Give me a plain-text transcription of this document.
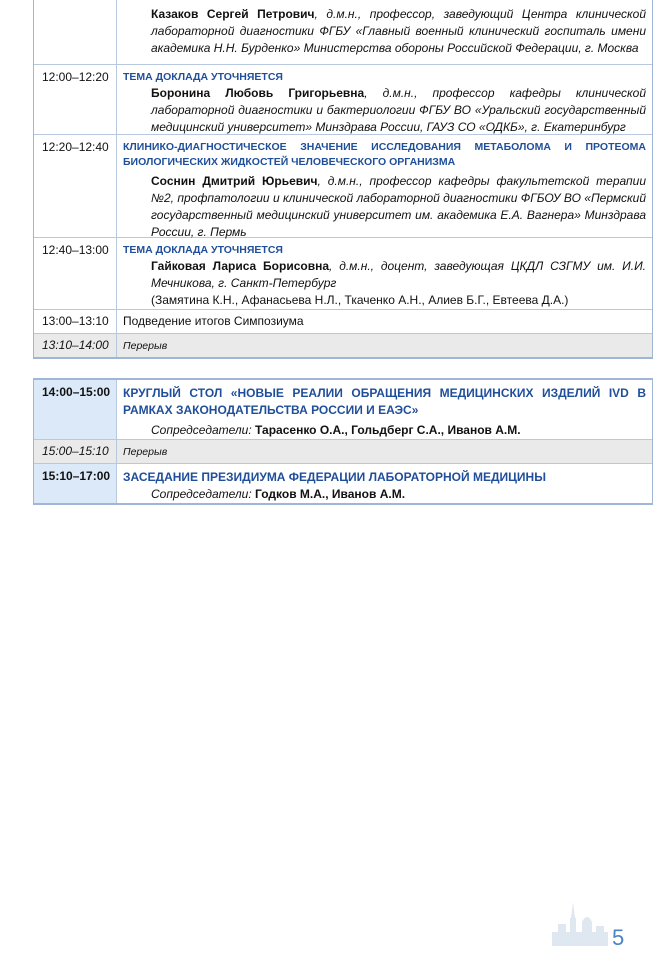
Казаков Сергей Петрович, д.м.н., профессор, заведующий Центра клинической лабораторной диагностики ФГБУ «Главный военный клинический госпиталь имени академика Н.Н. Бурденко» Министерства обороны Российской Федерации, г. Москва
12:00–12:20	ТЕМА ДОКЛАДА УТОЧНЯЕТСЯ
Боронина Любовь Григорьевна, д.м.н., профессор кафедры клинической лабораторной диагностики и бактериологии ФГБУ ВО «Уральский государственный медицинский университет» Минздрава России, ГАУЗ СО «ОДКБ», г. Екатеринбург
12:20–12:40	КЛИНИКО-ДИАГНОСТИЧЕСКОЕ ЗНАЧЕНИЕ ИССЛЕДОВАНИЯ МЕТАБОЛОМА И ПРОТЕОМА БИОЛОГИЧЕСКИХ ЖИДКОСТЕЙ ЧЕЛОВЕЧЕСКОГО ОРГАНИЗМА
Соснин Дмитрий Юрьевич, д.м.н., профессор кафедры факультетской терапии №2, профпатологии и клинической лабораторной диагностики ФГБОУ ВО «Пермский государственный медицинский университет им. академика Е.А. Вагнера» Минздрава России, г. Пермь
12:40–13:00	ТЕМА ДОКЛАДА УТОЧНЯЕТСЯ
Гайковая Лариса Борисовна, д.м.н., доцент, заведующая ЦКДЛ СЗГМУ им. И.И. Мечникова, г. Санкт-Петербург
(Замятина К.Н., Афанасьева Н.Л., Ткаченко А.Н., Алиев Б.Г., Евтеева Д.А.)
13:00–13:10	Подведение итогов Симпозиума
13:10–14:00	Перерыв
14:00–15:00	КРУГЛЫЙ СТОЛ «НОВЫЕ РЕАЛИИ ОБРАЩЕНИЯ МЕДИЦИНСКИХ ИЗДЕЛИЙ IVD В РАМКАХ ЗАКОНОДАТЕЛЬСТВА РОССИИ И ЕАЭС»
Сопредседатели: Тарасенко О.А., Гольдберг С.А., Иванов А.М.
15:00–15:10	Перерыв
15:10–17:00	ЗАСЕДАНИЕ ПРЕЗИДИУМА ФЕДЕРАЦИИ ЛАБОРАТОРНОЙ МЕДИЦИНЫ
Сопредседатели: Годков М.А., Иванов А.М.
5
